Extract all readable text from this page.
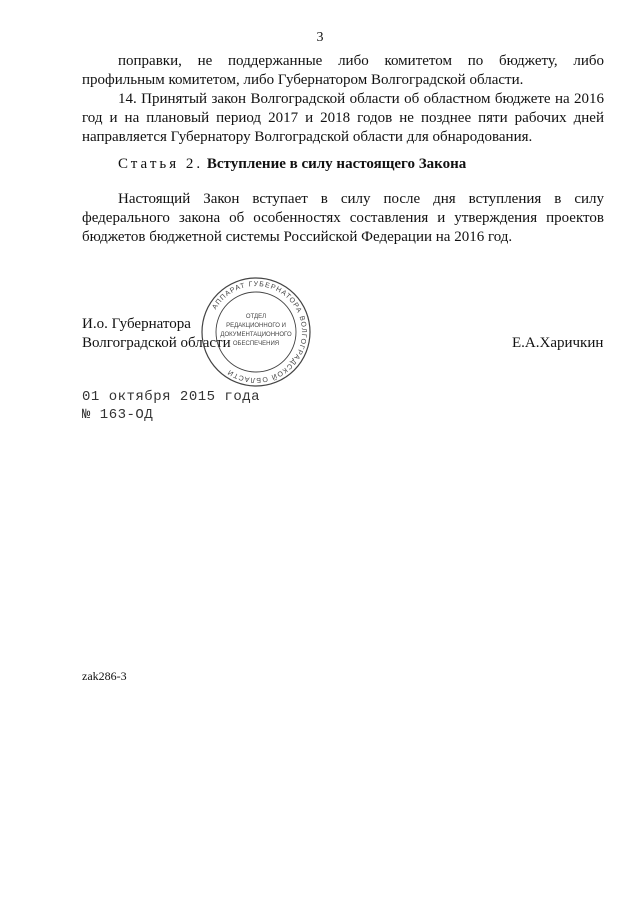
3

поправки, не поддержанные либо комитетом по бюджету, либо профильным комитетом, либо Губернатором Волгоградской области.

14. Принятый закон Волгоградской области об областном бюджете на 2016 год и на плановый период 2017 и 2018 годов не позднее пяти рабочих дней направляется Губернатору Волгоградской области для обнародования.

Статья 2. Вступление в силу настоящего Закона

Настоящий Закон вступает в силу после дня вступления в силу федерального закона об особенностях составления и утверждения проектов бюджетов бюджетной системы Российской Федерации на 2016 год.

И.о. Губернатора
Волгоградской области	Е.А.Харичкин
АППАРАТ ГУБЕРНАТОРА ВОЛГОГРАДСКОЙ ОБЛАСТИ
ОТДЕЛ
РЕДАКЦИОННОГО И
ДОКУМЕНТАЦИОННОГО
ОБЕСПЕЧЕНИЯ
01 октября 2015 года
№ 163-ОД
zak286-3
